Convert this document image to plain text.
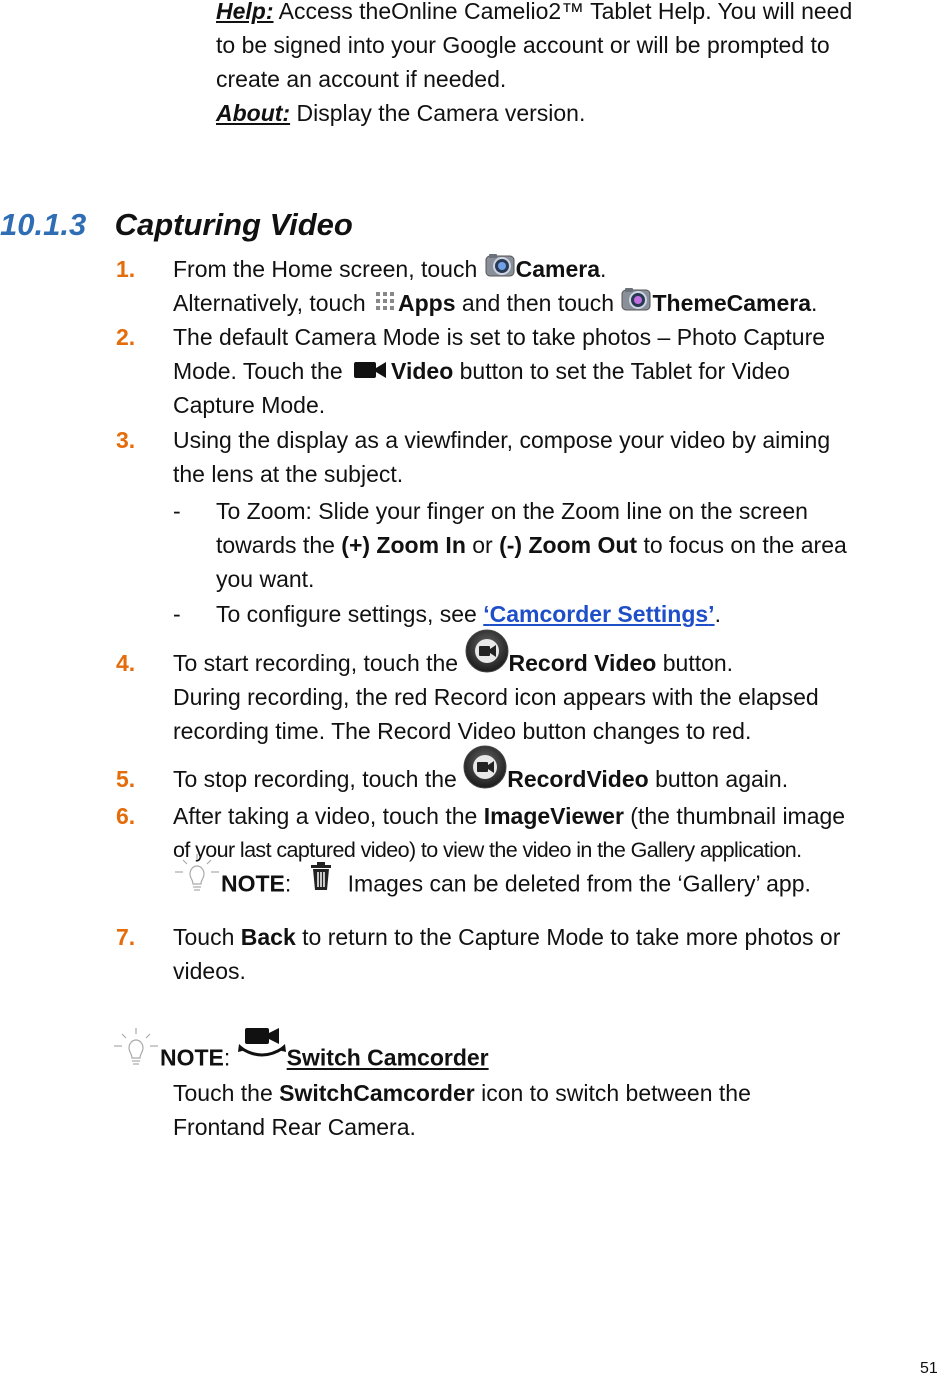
Help: Access theOnline Camelio2™ Tablet Help. You will need
to be signed into your Google account or will be prompted to
create an account if needed.
About: Display the Camera version.
10.1.3 Capturing Video
1. From the Home screen, touch Camera.
Alternatively, touch Apps and then touch ThemeCamera.
2. The default Camera Mode is set to take photos – Photo Capture
Mode. Touch the Video button to set the Tablet for Video
Capture Mode.
3. Using the display as a viewfinder, compose your video by aiming
the lens at the subject.
- To Zoom: Slide your finger on the Zoom line on the screen
towards the (+) Zoom In or (-) Zoom Out to focus on the area
you want.
- To configure settings, see ‘Camcorder Settings’.
4. To start recording, touch the Record Video button.
During recording, the red Record icon appears with the elapsed
recording time. The Record Video button changes to red.
5. To stop recording, touch the RecordVideo button again.
6. After taking a video, touch the ImageViewer (the thumbnail image
of your last captured video) to view the video in the Gallery application.
NOTE: Images can be deleted from the ‘Gallery’ app.
7. Touch Back to return to the Capture Mode to take more photos or
videos.
NOTE: Switch Camcorder
Touch the SwitchCamcorder icon to switch between the
Frontand Rear Camera.
51
